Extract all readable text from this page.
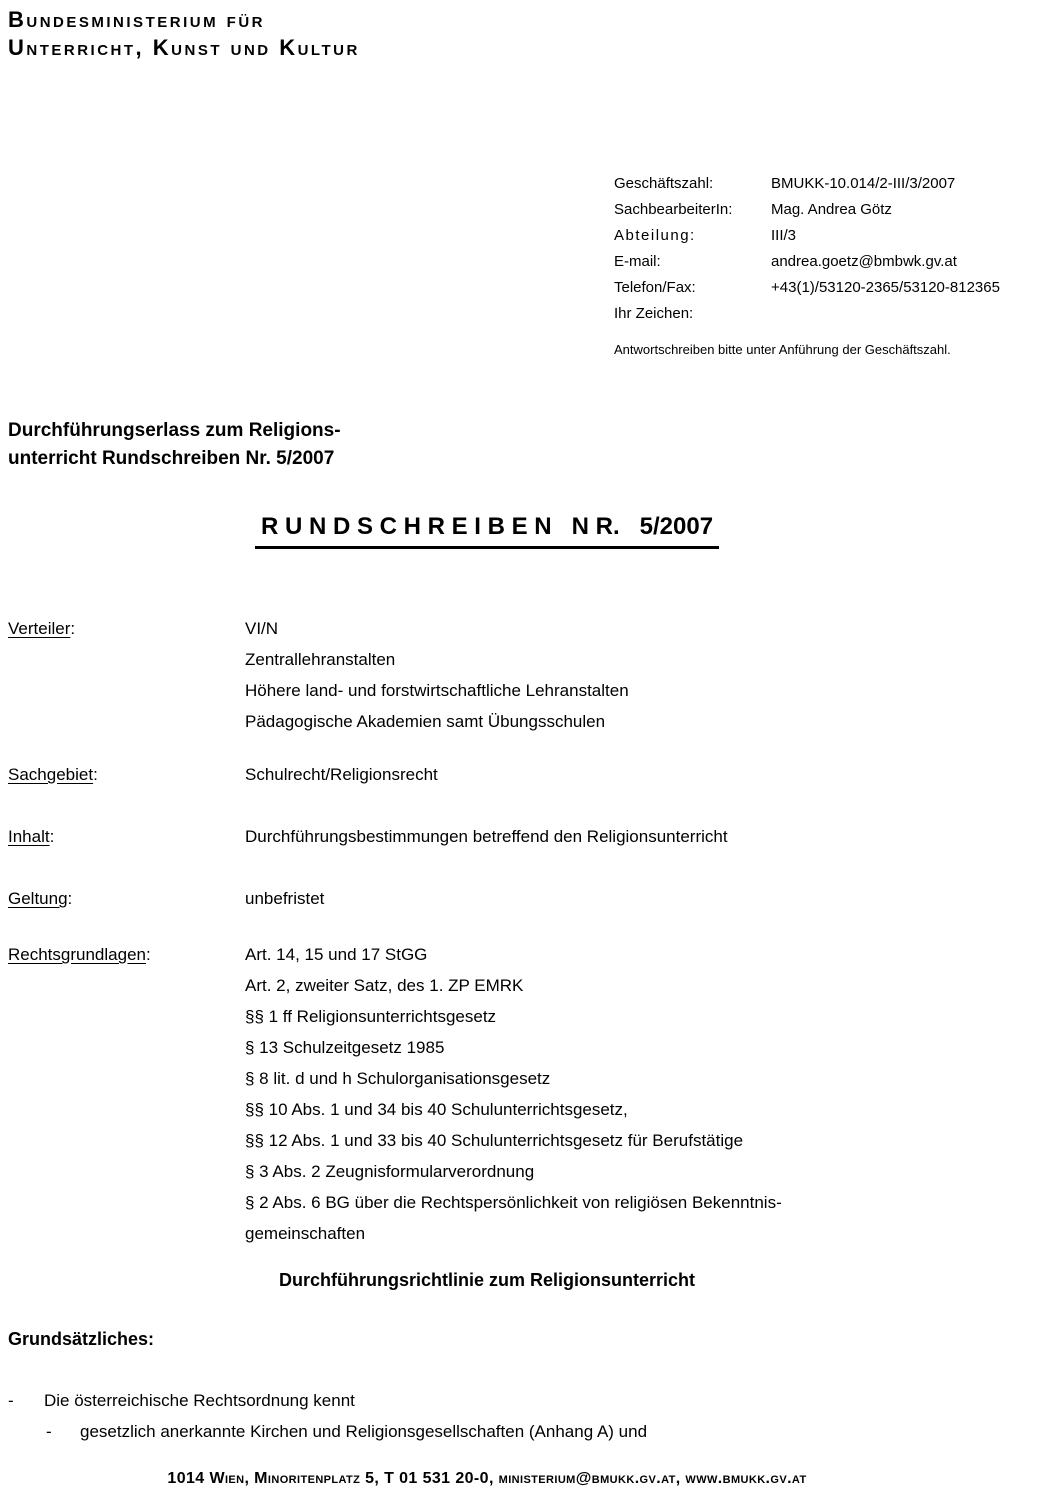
Bundesministerium für
Unterricht, Kunst und Kultur
Geschäftszahl:	BMUKK-10.014/2-III/3/2007
SachbearbeiterIn:	Mag. Andrea Götz
Abteilung:	III/3
E-mail:	andrea.goetz@bmbwk.gv.at
Telefon/Fax:	+43(1)/53120-2365/53120-812365
Ihr Zeichen:
Antwortschreiben bitte unter Anführung der Geschäftszahl.
Durchführungserlass zum Religions-
unterricht Rundschreiben Nr. 5/2007
R U N D S C H R E I B E N   N R.   5/2007
Verteiler:	VI/N
Zentrallehranstalten
Höhere land- und forstwirtschaftliche Lehranstalten
Pädagogische Akademien samt Übungsschulen
Sachgebiet:	Schulrecht/Religionsrecht
Inhalt:	Durchführungsbestimmungen betreffend den Religionsunterricht
Geltung:	unbefristet
Rechtsgrundlagen:	Art. 14, 15 und 17 StGG
Art. 2, zweiter Satz, des 1. ZP EMRK
§§ 1 ff Religionsunterrichtsgesetz
§ 13 Schulzeitgesetz 1985
§ 8 lit. d und h Schulorganisationsgesetz
§§ 10 Abs. 1 und 34 bis 40 Schulunterrichtsgesetz,
§§ 12 Abs. 1 und 33 bis 40 Schulunterrichtsgesetz für Berufstätige
§ 3 Abs. 2 Zeugnisformularverordnung
§ 2 Abs. 6 BG über die Rechtspersönlichkeit von religiösen Bekenntnis-
gemeinschaften
Durchführungsrichtlinie zum Religionsunterricht
Grundsätzliches:
-	Die österreichische Rechtsordnung kennt
-	gesetzlich anerkannte Kirchen und Religionsgesellschaften (Anhang A) und
1014 Wien, Minoritenplatz 5, T 01 531 20-0, ministerium@bmukk.gv.at, www.bmukk.gv.at
